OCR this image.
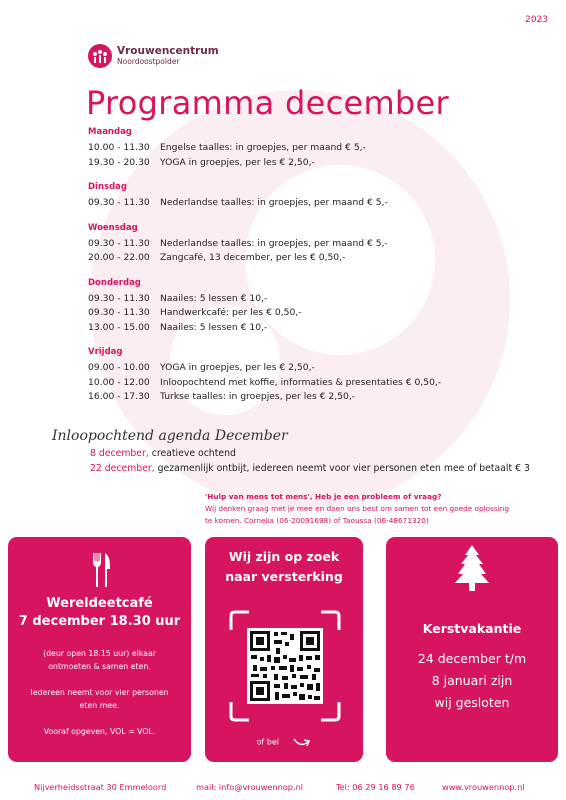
2023
Vrouwencentrum
Noordoostpolder
Programma december
Maandag
10.00 - 11.30	Engelse taalles: in groepjes, per maand € 5,-
19.30 - 20.30	YOGA in groepjes, per les € 2,50,-
Dinsdag
09.30 - 11.30	Nederlandse taalles: in groepjes, per maand € 5,-
Woensdag
09.30 - 11.30	Nederlandse taalles: in groepjes, per maand € 5,-
20.00 - 22.00	Zangcafé, 13 december, per les € 0,50,-
Donderdag
09.30 - 11.30	Naailes: 5 lessen € 10,-
09.30 - 11.30	Handwerkcafé: per les € 0,50,-
13.00 - 15.00	Naailes: 5 lessen € 10,-
Vrijdag
09.00 - 10.00	YOGA in groepjes, per les € 2,50,-
10.00 - 12.00	Inloopochtend met koffie, informaties & presentaties € 0,50,-
16.00 - 17.30	Turkse taalles: in groepjes, per les € 2,50,-
Inloopochtend agenda December
8 december, creatieve ochtend
22 december, gezamenlijk ontbijt, iedereen neemt voor vier personen eten mee of betaalt € 3
'Hulp van mens tot mens', Heb je een probleem of vraag?
Wij denken graag met je mee en doen ons best om samen tot een goede oplossing
te komen. Cornelia (06-20091698) of Taoussa (06-48671320)
Wereldeetcafé
7 december 18.30 uur
(deur open 18.15 uur) elkaar
ontmoeten & samen eten.
Iedereen neemt voor vier personen
eten mee.
Vooraf opgeven, VOL = VOL.
Wij zijn op zoek
naar versterking
of bel
Kerstvakantie
24 december t/m
8 januari zijn
wij gesloten
Nijverheidsstraat 30 Emmeloord	mail: info@vrouwennop.nl	Tel: 06 29 16 89 76	www.vrouwennop.nl
